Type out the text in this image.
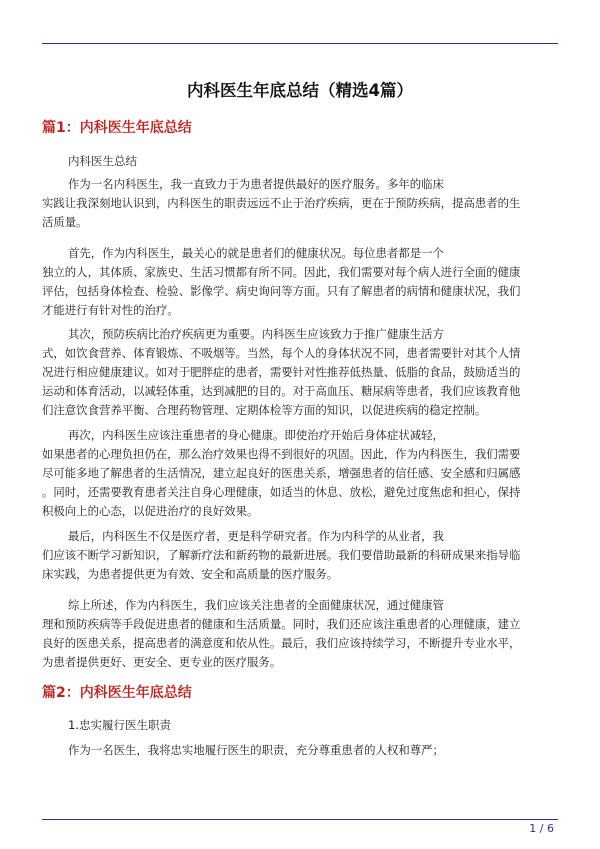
内科医生年底总结（精选4篇）
篇1：内科医生年底总结
内科医生总结
作为一名内科医生，我一直致力于为患者提供最好的医疗服务。多年的临床
实践让我深刻地认识到，内科医生的职责远远不止于治疗疾病，更在于预防疾病，提高患者的生
活质量。
首先，作为内科医生，最关心的就是患者们的健康状况。每位患者都是一个
独立的人，其体质、家族史、生活习惯都有所不同。因此，我们需要对每个病人进行全面的健康
评估，包括身体检查、检验、影像学、病史询问等方面。只有了解患者的病情和健康状况，我们
才能进行有针对性的治疗。
其次，预防疾病比治疗疾病更为重要。内科医生应该致力于推广健康生活方
式，如饮食营养、体育锻炼、不吸烟等。当然，每个人的身体状况不同，患者需要针对其个人情
况进行相应健康建议。如对于肥胖症的患者，需要针对性推荐低热量、低脂的食品，鼓励适当的
运动和体育活动，以减轻体重，达到减肥的目的。对于高血压、糖尿病等患者，我们应该教育他
们注意饮食营养平衡、合理药物管理、定期体检等方面的知识，以促进疾病的稳定控制。
再次，内科医生应该注重患者的身心健康。即使治疗开始后身体症状减轻，
如果患者的心理负担仍在，那么治疗效果也得不到很好的巩固。因此，作为内科医生，我们需要
尽可能多地了解患者的生活情况，建立起良好的医患关系，增强患者的信任感、安全感和归属感
。同时，还需要教育患者关注自身心理健康，如适当的休息、放松，避免过度焦虑和担心，保持
积极向上的心态，以促进治疗的良好效果。
最后，内科医生不仅是医疗者，更是科学研究者。作为内科学的从业者，我
们应该不断学习新知识，了解新疗法和新药物的最新进展。我们要借助最新的科研成果来指导临
床实践，为患者提供更为有效、安全和高质量的医疗服务。
综上所述，作为内科医生，我们应该关注患者的全面健康状况，通过健康管
理和预防疾病等手段促进患者的健康和生活质量。同时，我们还应该注重患者的心理健康，建立
良好的医患关系，提高患者的满意度和依从性。最后，我们应该持续学习，不断提升专业水平，
为患者提供更好、更安全、更专业的医疗服务。
篇2：内科医生年底总结
1.忠实履行医生职责
作为一名医生，我将忠实地履行医生的职责，充分尊重患者的人权和尊严；
1 / 6
